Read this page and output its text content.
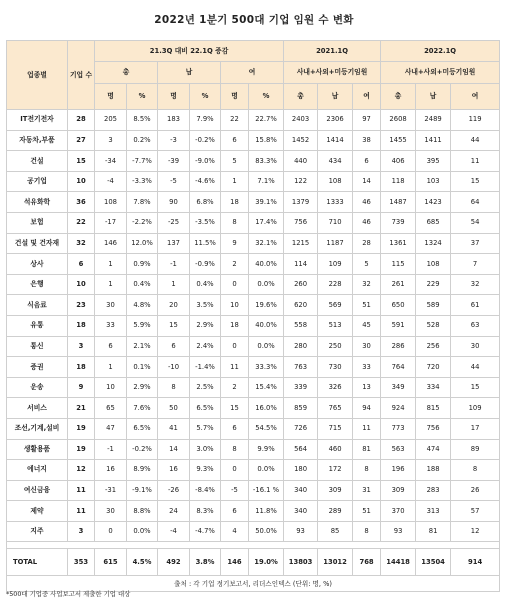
2022년 1분기 500대 기업 임원 수 변화
업종별	기업 수	21.3Q 대비 22.1Q 증감						2021.1Q			2022.1Q		
		총		남		여		사내+사외+미등기임원			사내+사외+미등기임원		
		명	%	명	%	명	%	총	남	여	총	남	여
IT전기전자	28	205	8.5%	183	7.9%	22	22.7%	2403	2306	97	2608	2489	119
자동차,부품	27	3	0.2%	-3	-0.2%	6	15.8%	1452	1414	38	1455	1411	44
건설	15	-34	-7.7%	-39	-9.0%	5	83.3%	440	434	6	406	395	11
공기업	10	-4	-3.3%	-5	-4.6%	1	7.1%	122	108	14	118	103	15
석유화학	36	108	7.8%	90	6.8%	18	39.1%	1379	1333	46	1487	1423	64
보험	22	-17	-2.2%	-25	-3.5%	8	17.4%	756	710	46	739	685	54
건설 및 건자재	32	146	12.0%	137	11.5%	9	32.1%	1215	1187	28	1361	1324	37
상사	6	1	0.9%	-1	-0.9%	2	40.0%	114	109	5	115	108	7
은행	10	1	0.4%	1	0.4%	0	0.0%	260	228	32	261	229	32
식음료	23	30	4.8%	20	3.5%	10	19.6%	620	569	51	650	589	61
유통	18	33	5.9%	15	2.9%	18	40.0%	558	513	45	591	528	63
통신	3	6	2.1%	6	2.4%	0	0.0%	280	250	30	286	256	30
증권	18	1	0.1%	-10	-1.4%	11	33.3%	763	730	33	764	720	44
운송	9	10	2.9%	8	2.5%	2	15.4%	339	326	13	349	334	15
서비스	21	65	7.6%	50	6.5%	15	16.0%	859	765	94	924	815	109
조선,기계,설비	19	47	6.5%	41	5.7%	6	54.5%	726	715	11	773	756	17
생활용품	19	-1	-0.2%	14	3.0%	8	9.9%	564	460	81	563	474	89
에너지	12	16	8.9%	16	9.3%	0	0.0%	180	172	8	196	188	8
여신금융	11	-31	-9.1%	-26	-8.4%	-5	-16.1 %	340	309	31	309	283	26
제약	11	30	8.8%	24	8.3%	6	11.8%	340	289	51	370	313	57
지주	3	0	0.0%	-4	-4.7%	4	50.0%	93	85	8	93	81	12

TOTAL	353	615	4.5%	492	3.8%	146	19.0%	13803	13012	768	14418	13504	914
출처 : 각 기업 정기보고서, 리더스인덱스 (단위: 명, %)													
*500대 기업중 사업보고서 제출한 기업 대상
